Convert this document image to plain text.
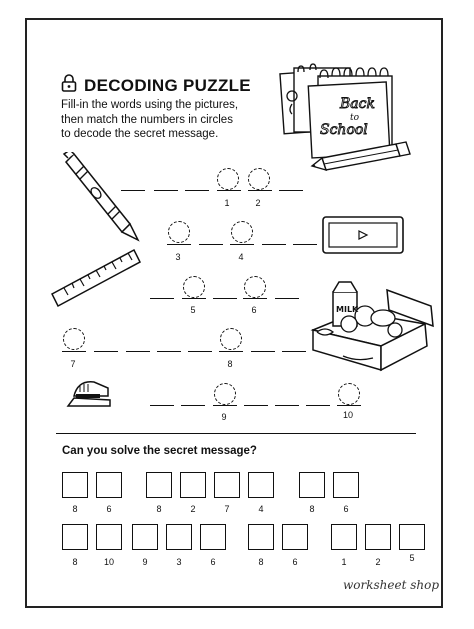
DECODING PUZZLE
Fill-in the words using the pictures,
then match the numbers in circles
to decode the secret message.
Back
to
School
MILK
1	2
3	4
5	6
7	8
9	10
Can you solve the secret message?
8	6	8	2	7	4	8	6
8	10	9	3	6	8	6	1	2	5
worksheet shop
